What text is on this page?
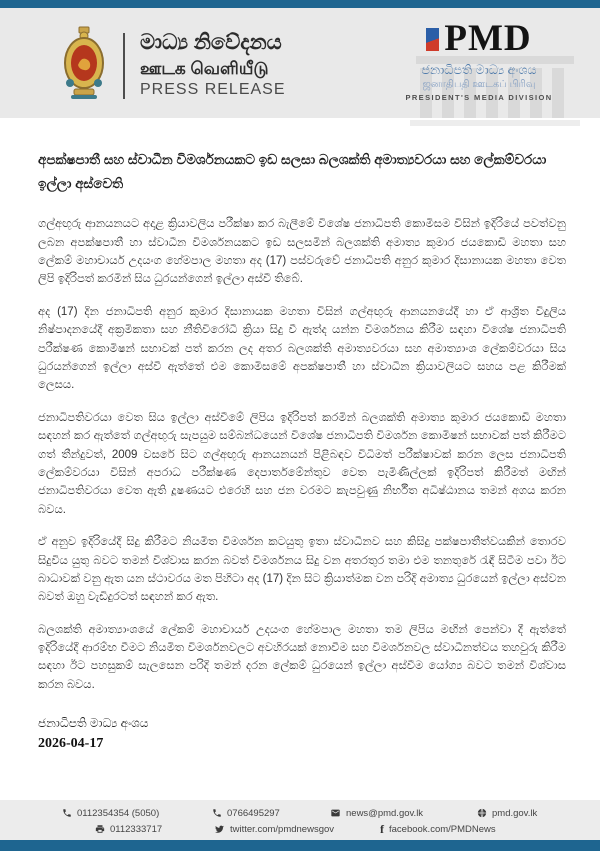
මාධ්‍ය නිවේදනය
ஊடக வெளியீடு
PRESS RELEASE
PMD
ජනාධිපති මාධ්‍ය අංශය
ஜனாதிபதி ஊடகப் பிரிவு
PRESIDENT'S MEDIA DIVISION
අපක්ෂපාතී සහ ස්වාධීන විමර්ශනයකට ඉඩ සලසා බලශක්ති අමාත්‍යවරයා සහ ලේකම්වරයා ඉල්ලා අස්වෙති

ගල්අඟුරු ආනයනයට අදාළ ක්‍රියාවලිය පරීක්ෂා කර බැලීමේ විශේෂ ජනාධිපති කොමිසම විසින් ඉදිරියේ පවත්වනු ලබන අපක්ෂපාතී හා ස්වාධීන විමර්ශනයකට ඉඩ සලසමින් බලශක්ති අමාත්‍ය කුමාර ජයකොඩි මහතා සහ ලේකම් මහාචාර්ය උදයංග හේමපාල මහතා අද (17) පස්වරුවේ ජනාධිපති අනුර කුමාර දිසානායක මහතා වෙත ලිපි ඉදිරිපත් කරමින් සිය ධුරයන්ගෙන් ඉල්ලා අස්වී තිබේ.

අද (17) දින ජනාධිපති අනුර කුමාර දිසානායක මහතා විසින් ගල්අඟුරු ආනයනයේදී හා ඒ ආශ්‍රිත විදුලිය නිෂ්පාදනයේදී අක්‍රමිකතා සහ නීතිවිරෝධී ක්‍රියා සිදු වී ඇත්ද යන්න විමර්ශනය කිරීම සඳහා විශේෂ ජනාධිපති පරීක්ෂණ කොමිෂන් සභාවක් පත් කරන ලද අතර බලශක්ති අමාත්‍යවරයා සහ අමාත්‍යාංශ ලේකම්වරයා සිය ධුරයන්ගෙන් ඉල්ලා අස්වී ඇත්තේ එම කොමිසමේ අපක්ෂපාතී හා ස්වාධීන ක්‍රියාවලියට සහය පළ කිරීමක් ලෙසය.

ජනාධිපතිවරයා වෙත සිය ඉල්ලා අස්වීමේ ලිපිය ඉදිරිපත් කරමින් බලශක්ති අමාත්‍ය කුමාර ජයකොඩි මහතා සඳහන් කර ඇත්තේ ගල්අඟුරු සැපයුම සම්බන්ධයෙන් විශේෂ ජනාධිපති විමර්ශන කොමිෂන් සභාවක් පත් කිරීමට ගත් තීන්දුවත්, 2009 වසරේ සිට ගල්අඟුරු ආනයනයන් පිළිබඳව විධිමත් පරීක්ෂාවක් කරන ලෙස ජනාධිපති ලේකම්වරයා විසින් අපරාධ පරීක්ෂණ දෙපාර්තමේන්තුව වෙත පැමිණිල්ලක් ඉදිරිපත් කිරීමත් මඟින් ජනාධිපතිවරයා වෙත ඇති දූෂණයට එරෙහි සහ ජන වරමට කැපවුණු නිර්භීත අධිෂ්ඨානය තමන් අගය කරන බවය.

ඒ අනුව ඉදිරියේදී සිදු කිරීමට නියමිත විමර්ශන කටයුතු ඉතා ස්වාධීනව සහ කිසිදු පක්ෂපාතීත්වයකින් තොරව සිදුවිය යුතු බවට තමන් විශ්වාස කරන බවත් විමර්ශනය සිදු වන අතරතුර තමා එම තනතුරේ රැඳී සිටීම පවා ඊට බාධාවක් වනු ඇත යන ස්ථාවරය මත පිහිටා අද (17) දින සිට ක්‍රියාත්මක වන පරිදි අමාත්‍ය ධුරයෙන් ඉල්ලා අස්වන බවත් ඔහු වැඩිදුරටත් සඳහන් කර ඇත.

බලශක්ති අමාත්‍යාංශයේ ලේකම් මහාචාර්ය උදයංග හේමපාල මහතා තම ලිපිය මඟින් පෙන්වා දී ඇත්තේ ඉදිරියේදී ආරම්භ වීමට නියමිත විමර්ශනවලට අවහිරයක් නොවීම සහ විමර්ශනවල ස්වාධීනත්වය තහවුරු කිරීම සඳහා ඊට පහසුකම් සැලසෙන පරිදි තමන් දරන ලේකම් ධුරයෙන් ඉල්ලා අස්වීම යෝග්‍ය බවට තමන් විශ්වාස කරන බවය.

ජනාධිපති මාධ්‍ය අංශය
2026-04-17
0112354354 (5050)	0766495297	news@pmd.gov.lk	pmd.gov.lk
0112333717	twitter.com/pmdnewsgov	f facebook.com/PMDNews
